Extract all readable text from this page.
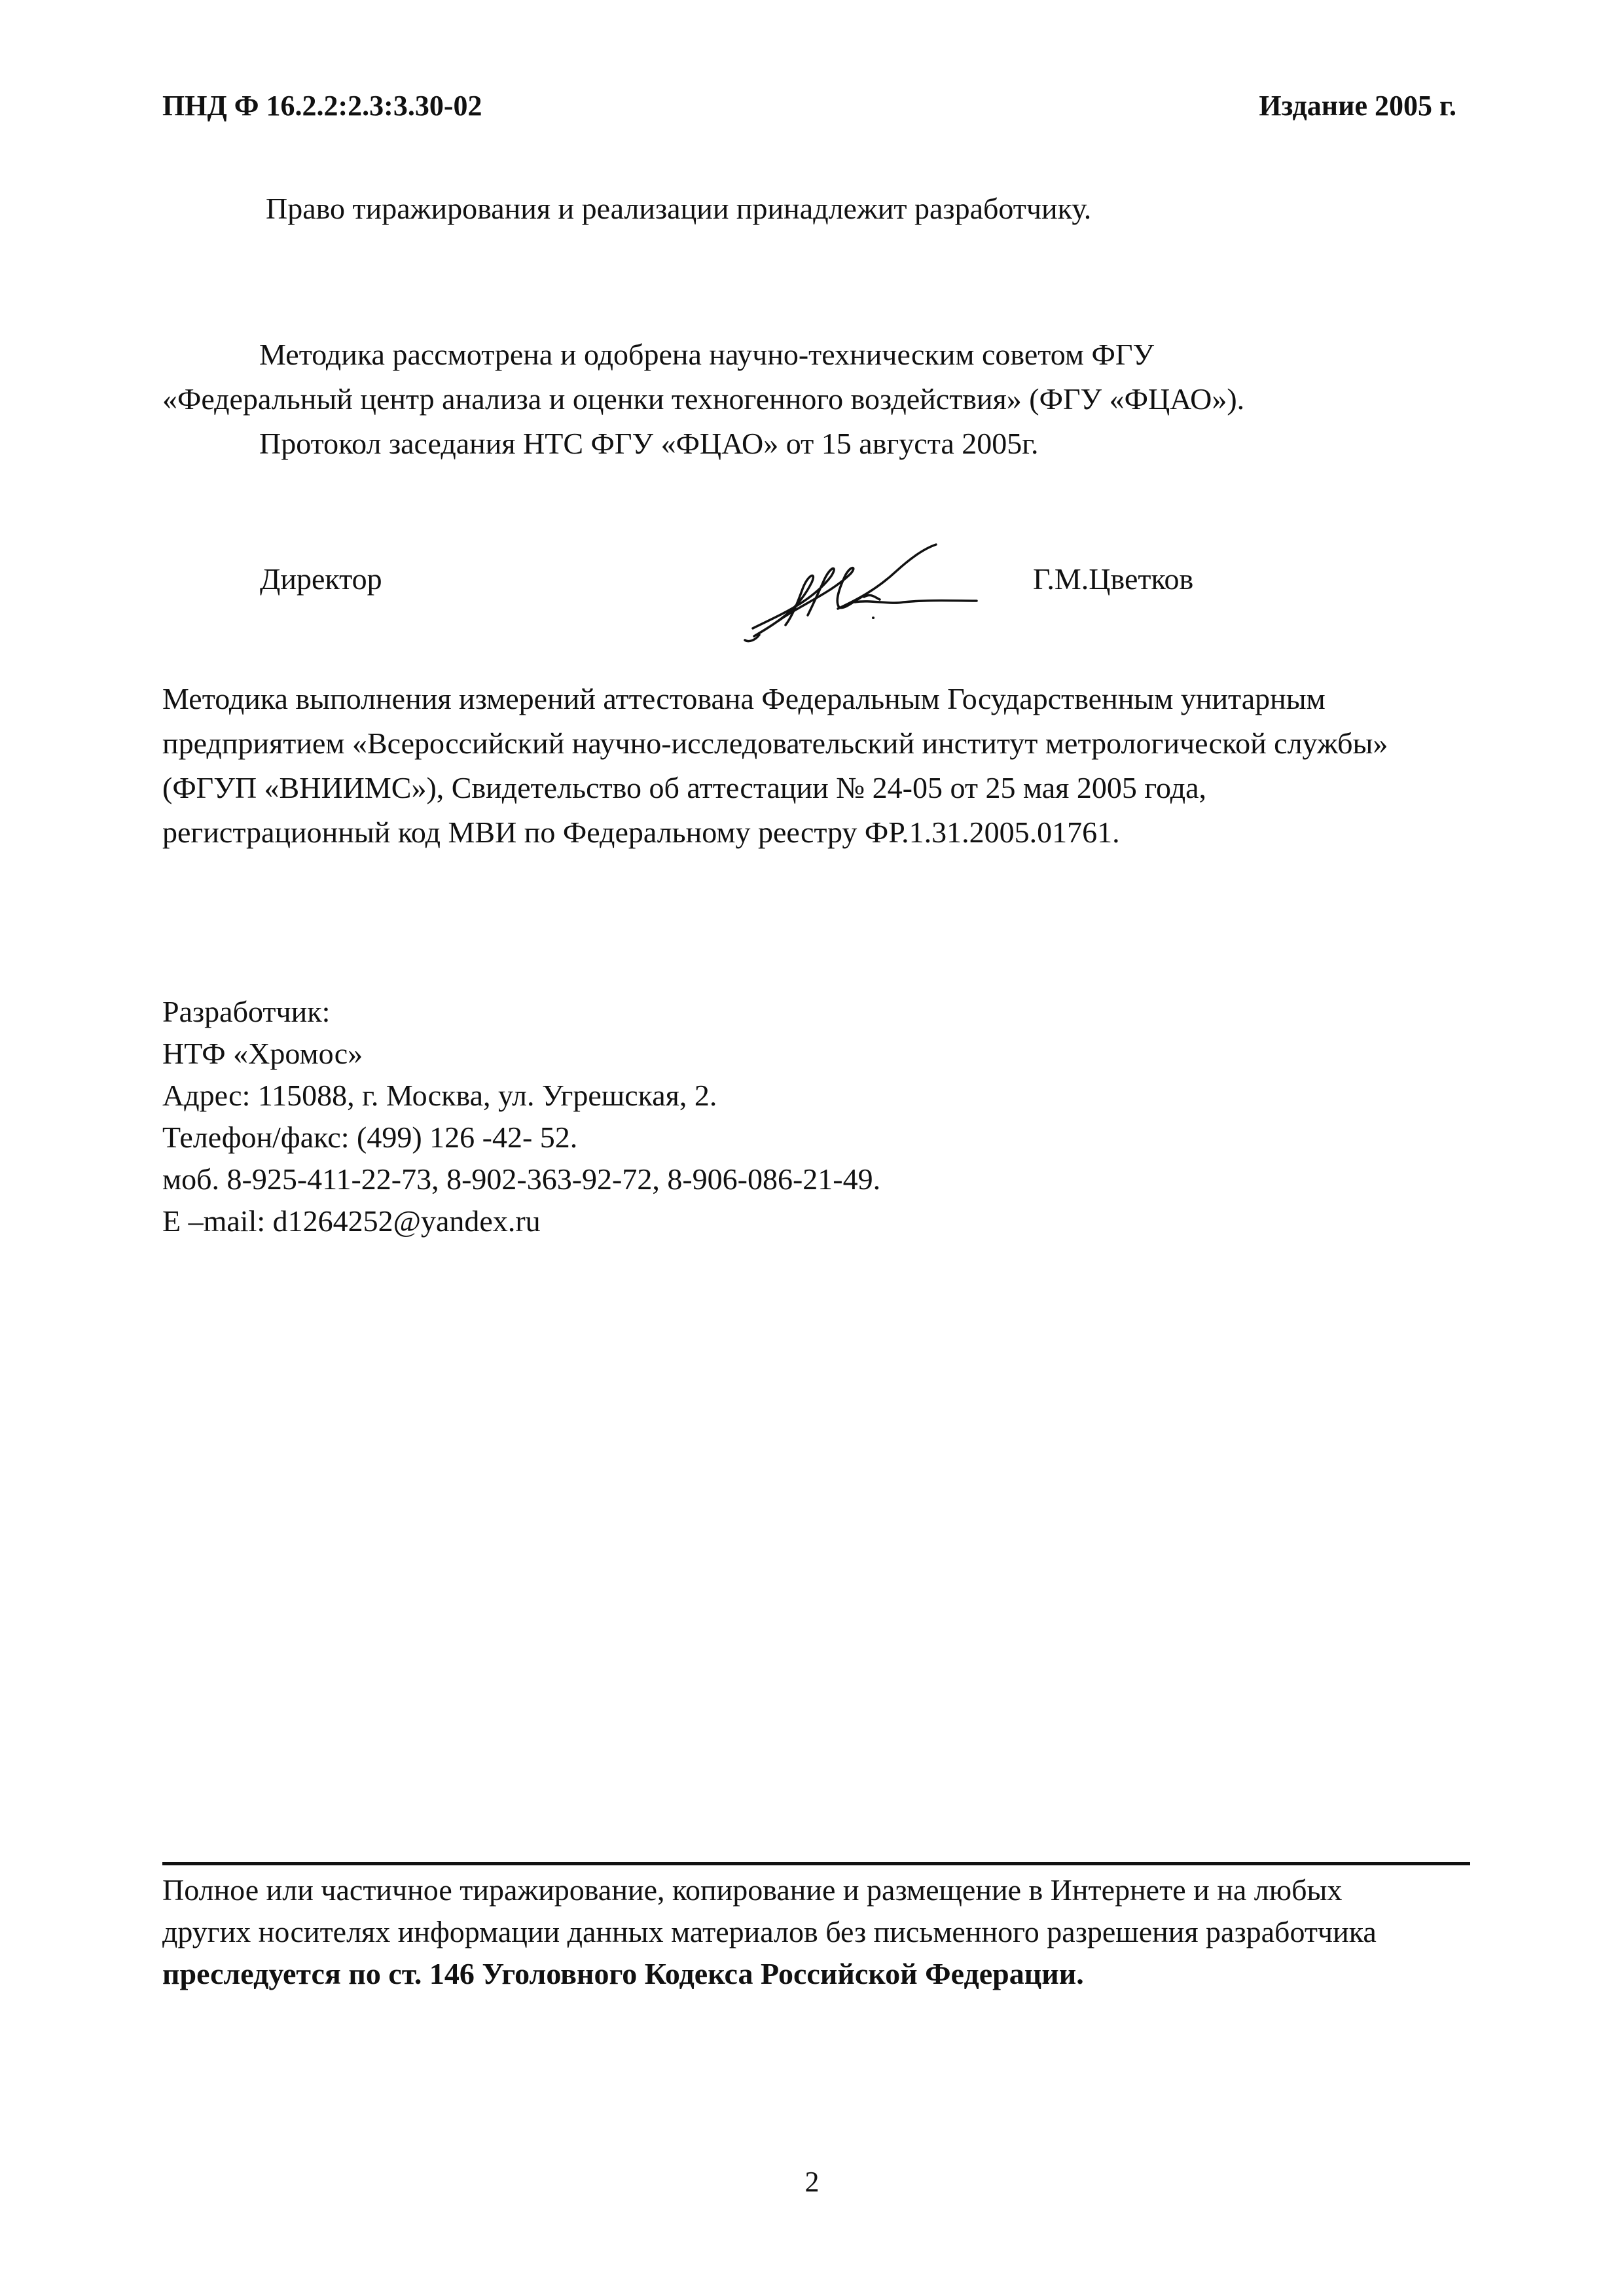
ПНД Ф 16.2.2:2.3:3.30-02	Издание 2005 г.
Право тиражирования и реализации принадлежит разработчику.
Методика рассмотрена и одобрена научно-техническим советом ФГУ
«Федеральный центр анализа и оценки техногенного воздействия» (ФГУ «ФЦАО»).
Протокол заседания НТС ФГУ «ФЦАО» от 15 августа 2005г.
Директор	Г.М.Цветков
Методика выполнения измерений аттестована Федеральным Государственным унитарным
предприятием «Всероссийский научно-исследовательский институт метрологической службы»
(ФГУП «ВНИИМС»), Свидетельство об аттестации № 24-05 от 25 мая 2005 года,
регистрационный код МВИ по Федеральному реестру ФР.1.31.2005.01761.
Разработчик:
НТФ «Хромос»
Адрес: 115088, г. Москва, ул. Угрешская, 2.
Телефон/факс: (499) 126 -42- 52.
моб. 8-925-411-22-73, 8-902-363-92-72, 8-906-086-21-49.
E –mail: d1264252@yandex.ru
Полное или частичное тиражирование, копирование и размещение в Интернете и на любых
других носителях информации данных материалов без письменного разрешения разработчика
преследуется по ст. 146 Уголовного Кодекса Российской Федерации.
2
